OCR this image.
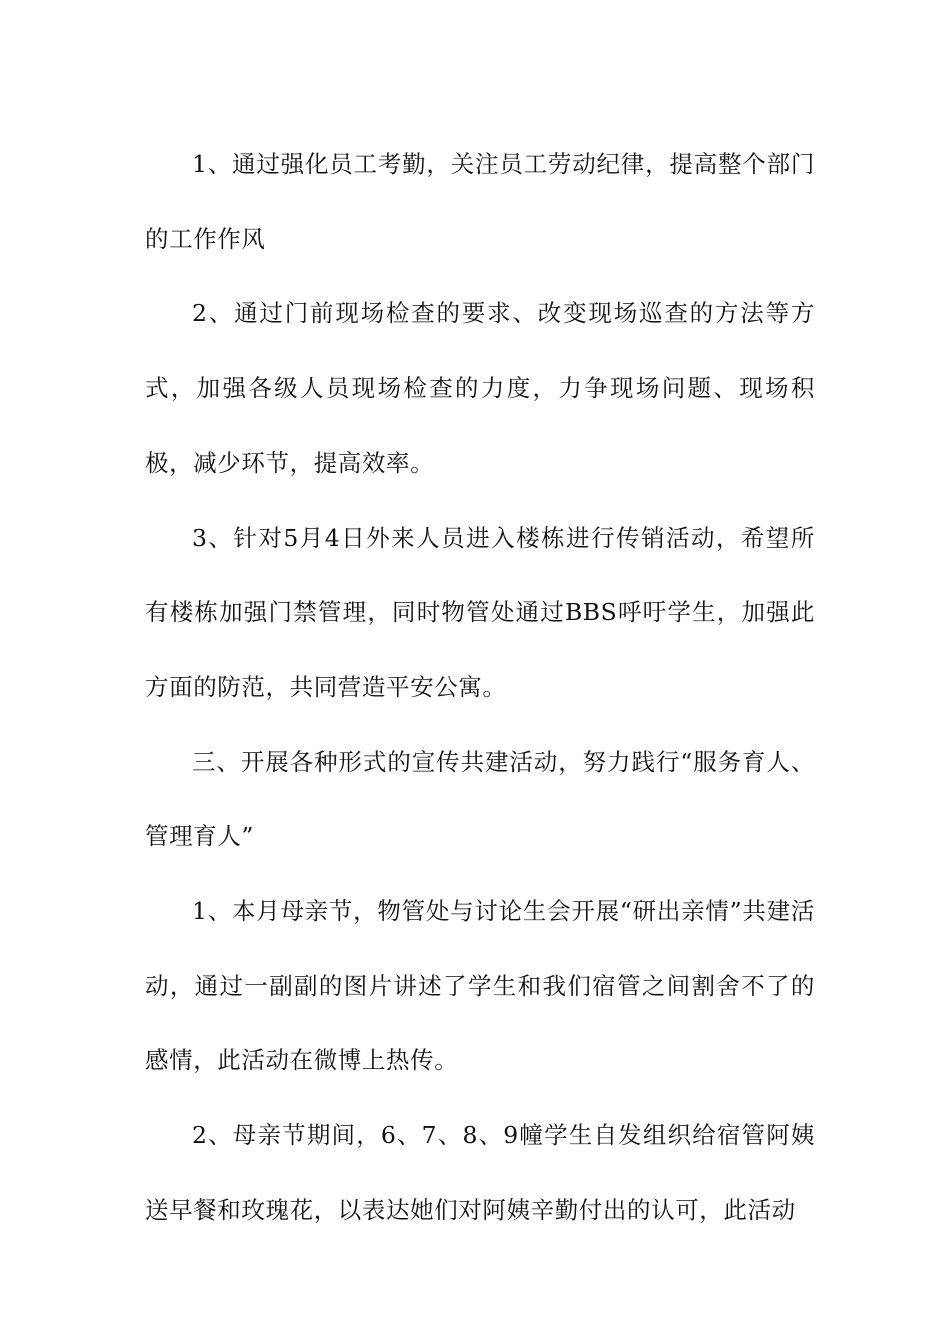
1、通过强化员工考勤，关注员工劳动纪律，提高整个部门的工作作风

2、通过门前现场检查的要求、改变现场巡查的方法等方式，加强各级人员现场检查的力度，力争现场问题、现场积极，减少环节，提高效率。

3、针对5月4日外来人员进入楼栋进行传销活动，希望所有楼栋加强门禁管理，同时物管处通过BBS呼吁学生，加强此方面的防范，共同营造平安公寓。

三、开展各种形式的宣传共建活动，努力践行“服务育人、管理育人”

1、本月母亲节，物管处与讨论生会开展“研出亲情”共建活动，通过一副副的图片讲述了学生和我们宿管之间割舍不了的感情，此活动在微博上热传。

2、母亲节期间，6、7、8、9幢学生自发组织给宿管阿姨送早餐和玫瑰花，以表达她们对阿姨辛勤付出的认可，此活动
